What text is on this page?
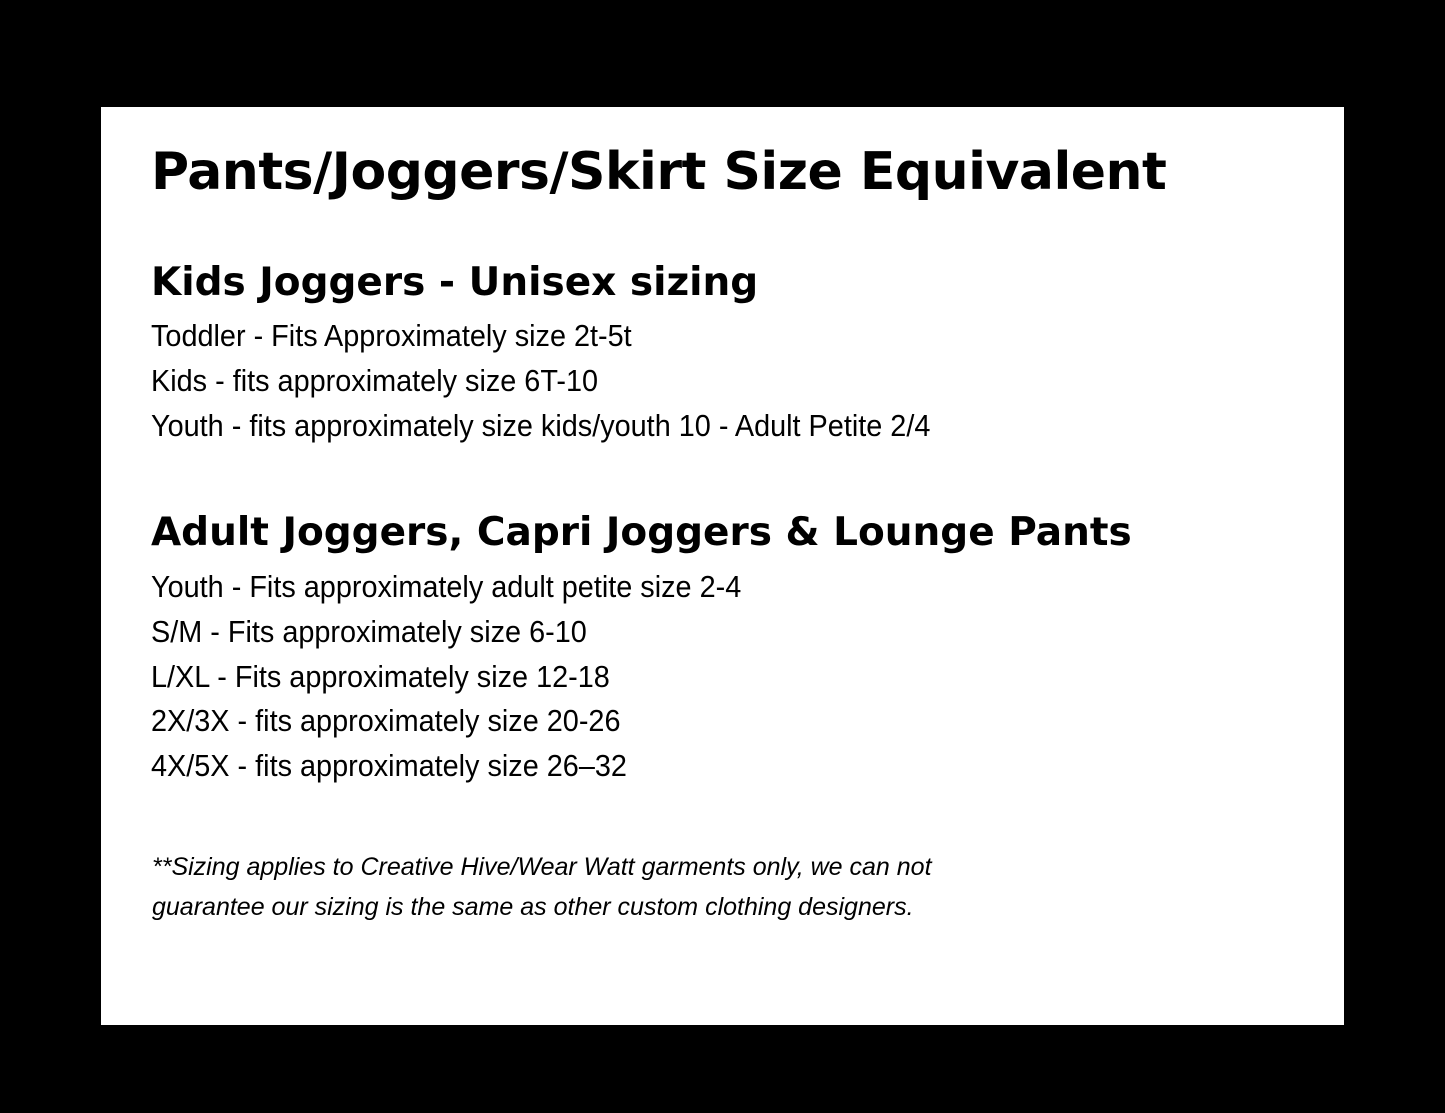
Pants/Joggers/Skirt Size Equivalent
Kids Joggers - Unisex sizing

Toddler - Fits Approximately size 2t-5t

Kids - fits approximately size 6T-10

Youth - fits approximately size kids/youth 10 - Adult Petite 2/4

Adult Joggers, Capri Joggers & Lounge Pants

Youth - Fits approximately adult petite size 2-4

S/M - Fits approximately size 6-10

L/XL - Fits approximately size 12-18

2X/3X - fits approximately size 20-26

4X/5X - fits approximately size 26–32

**Sizing applies to Creative Hive/Wear Watt garments only, we can not
guarantee our sizing is the same as other custom clothing designers.
